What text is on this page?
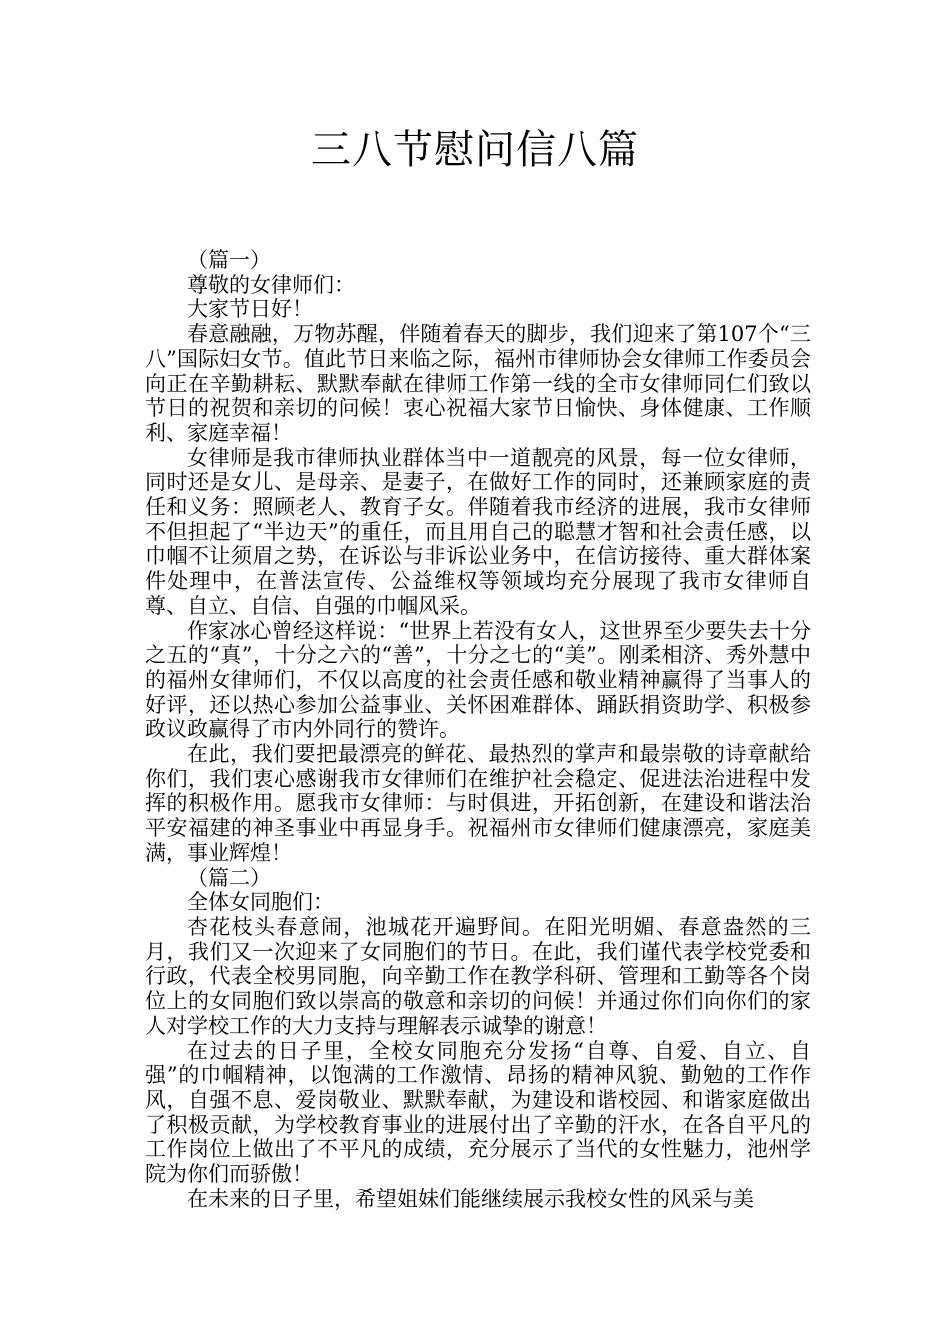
三八节慰问信八篇

（篇一）

尊敬的女律师们：

大家节日好！

春意融融，万物苏醒，伴随着春天的脚步，我们迎来了第107个“三八”国际妇女节。值此节日来临之际，福州市律师协会女律师工作委员会向正在辛勤耕耘、默默奉献在律师工作第一线的全市女律师同仁们致以节日的祝贺和亲切的问候！衷心祝福大家节日愉快、身体健康、工作顺利、家庭幸福！

女律师是我市律师执业群体当中一道靓亮的风景，每一位女律师，同时还是女儿、是母亲、是妻子，在做好工作的同时，还兼顾家庭的责任和义务：照顾老人、教育子女。伴随着我市经济的进展，我市女律师不但担起了“半边天”的重任，而且用自己的聪慧才智和社会责任感，以巾帼不让须眉之势，在诉讼与非诉讼业务中，在信访接待、重大群体案件处理中，在普法宣传、公益维权等领域均充分展现了我市女律师自尊、自立、自信、自强的巾帼风采。

作家冰心曾经这样说：“世界上若没有女人，这世界至少要失去十分之五的“真”，十分之六的“善”，十分之七的“美”。刚柔相济、秀外慧中的福州女律师们，不仅以高度的社会责任感和敬业精神赢得了当事人的好评，还以热心参加公益事业、关怀困难群体、踊跃捐资助学、积极参政议政赢得了市内外同行的赞许。

在此，我们要把最漂亮的鲜花、最热烈的掌声和最崇敬的诗章献给你们，我们衷心感谢我市女律师们在维护社会稳定、促进法治进程中发挥的积极作用。愿我市女律师：与时俱进，开拓创新，在建设和谐法治平安福建的神圣事业中再显身手。祝福州市女律师们健康漂亮，家庭美满，事业辉煌！

（篇二）

全体女同胞们：

杏花枝头春意闹，池城花开遍野间。在阳光明媚、春意盎然的三月，我们又一次迎来了女同胞们的节日。在此，我们谨代表学校党委和行政，代表全校男同胞，向辛勤工作在教学科研、管理和工勤等各个岗位上的女同胞们致以崇高的敬意和亲切的问候！并通过你们向你们的家人对学校工作的大力支持与理解表示诚挚的谢意！

在过去的日子里，全校女同胞充分发扬“自尊、自爱、自立、自强”的巾帼精神，以饱满的工作激情、昂扬的精神风貌、勤勉的工作作风，自强不息、爱岗敬业、默默奉献，为建设和谐校园、和谐家庭做出了积极贡献，为学校教育事业的进展付出了辛勤的汗水，在各自平凡的工作岗位上做出了不平凡的成绩，充分展示了当代的女性魅力，池州学院为你们而骄傲！

在未来的日子里，希望姐妹们能继续展示我校女性的风采与美
